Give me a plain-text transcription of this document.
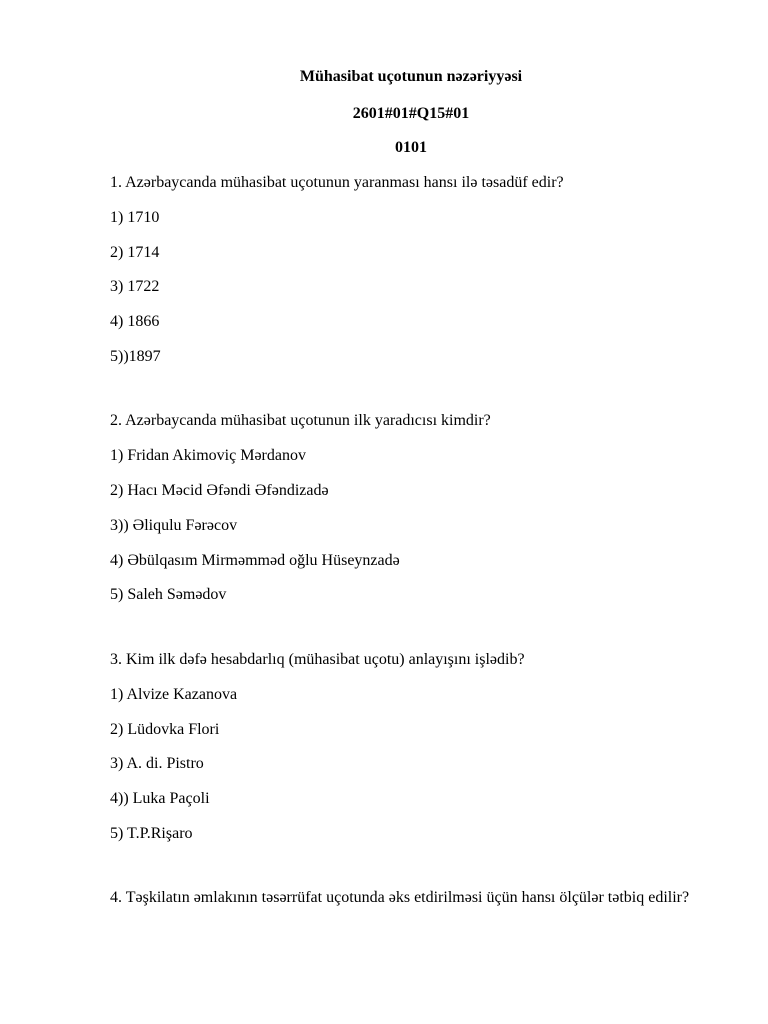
Mühasibat uçotunun nəzəriyyəsi

2601#01#Q15#01

0101

1. Azərbaycanda mühasibat uçotunun yaranması hansı ilə təsadüf edir?

1) 1710

2) 1714

3) 1722

4) 1866

5))1897

2. Azərbaycanda mühasibat uçotunun ilk yaradıcısı kimdir?

1) Fridan Akimoviç Mərdanov

2) Hacı Məcid Əfəndi Əfəndizadə

3)) Əliqulu Fərəcov

4) Əbülqasım Mirməmməd oğlu Hüseynzadə

5) Saleh Səmədov

3. Kim ilk dəfə hesabdarlıq (mühasibat uçotu) anlayışını işlədib?

1) Alvize Kazanova

2) Lüdovka Flori

3) A. di. Pistro

4)) Luka Paçoli

5) T.P.Rişaro

4. Təşkilatın əmlakının təsərrüfat uçotunda əks etdirilməsi üçün hansı ölçülər tətbiq edilir?
